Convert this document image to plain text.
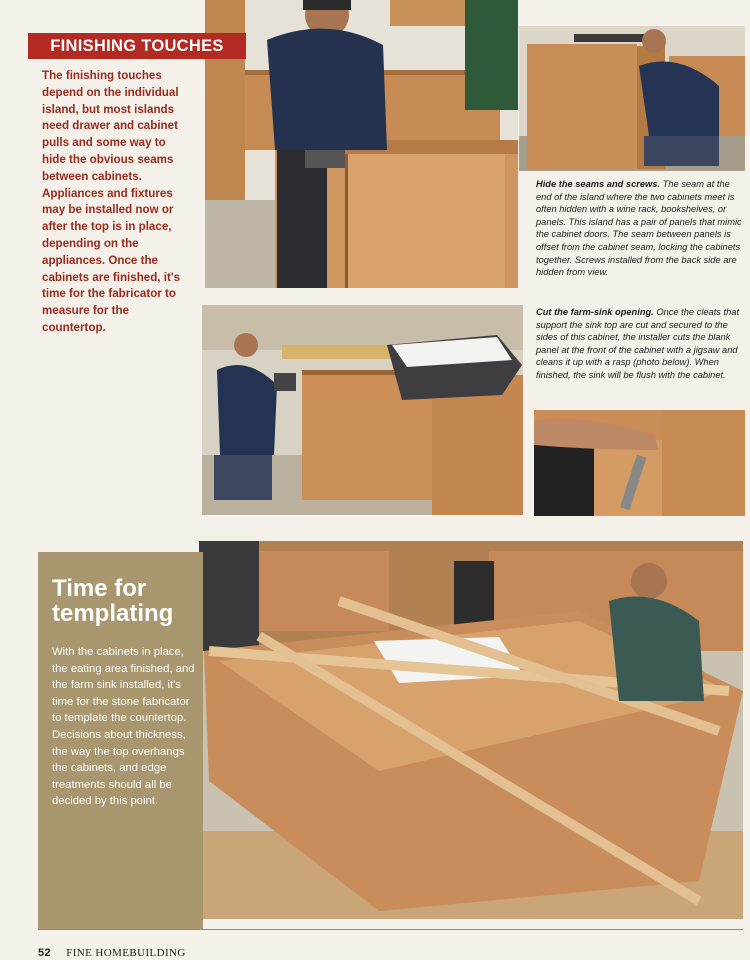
FINISHING TOUCHES

The finishing touches depend on the individual island, but most islands need drawer and cabinet pulls and some way to hide the obvious seams between cabinets. Appliances and fixtures may be installed now or after the top is in place, depending on the appliances. Once the cabinets are finished, it's time for the fabricator to measure for the countertop.

Hide the seams and screws. The seam at the end of the island where the two cabinets meet is often hidden with a wine rack, bookshelves, or panels. This island has a pair of panels that mimic the cabinet doors. The seam between panels is offset from the cabinet seam, locking the cabinets together. Screws installed from the back side are hidden from view.

Cut the farm-sink opening. Once the cleats that support the sink top are cut and secured to the sides of this cabinet, the installer cuts the blank panel at the front of the cabinet with a jigsaw and cleans it up with a rasp (photo below). When finished, the sink will be flush with the cabinet.

Time for templating

With the cabinets in place, the eating area finished, and the farm sink installed, it's time for the stone fabricator to template the countertop. Decisions about thickness, the way the top overhangs the cabinets, and edge treatments should all be decided by this point.

52 FINE HOMEBUILDING
